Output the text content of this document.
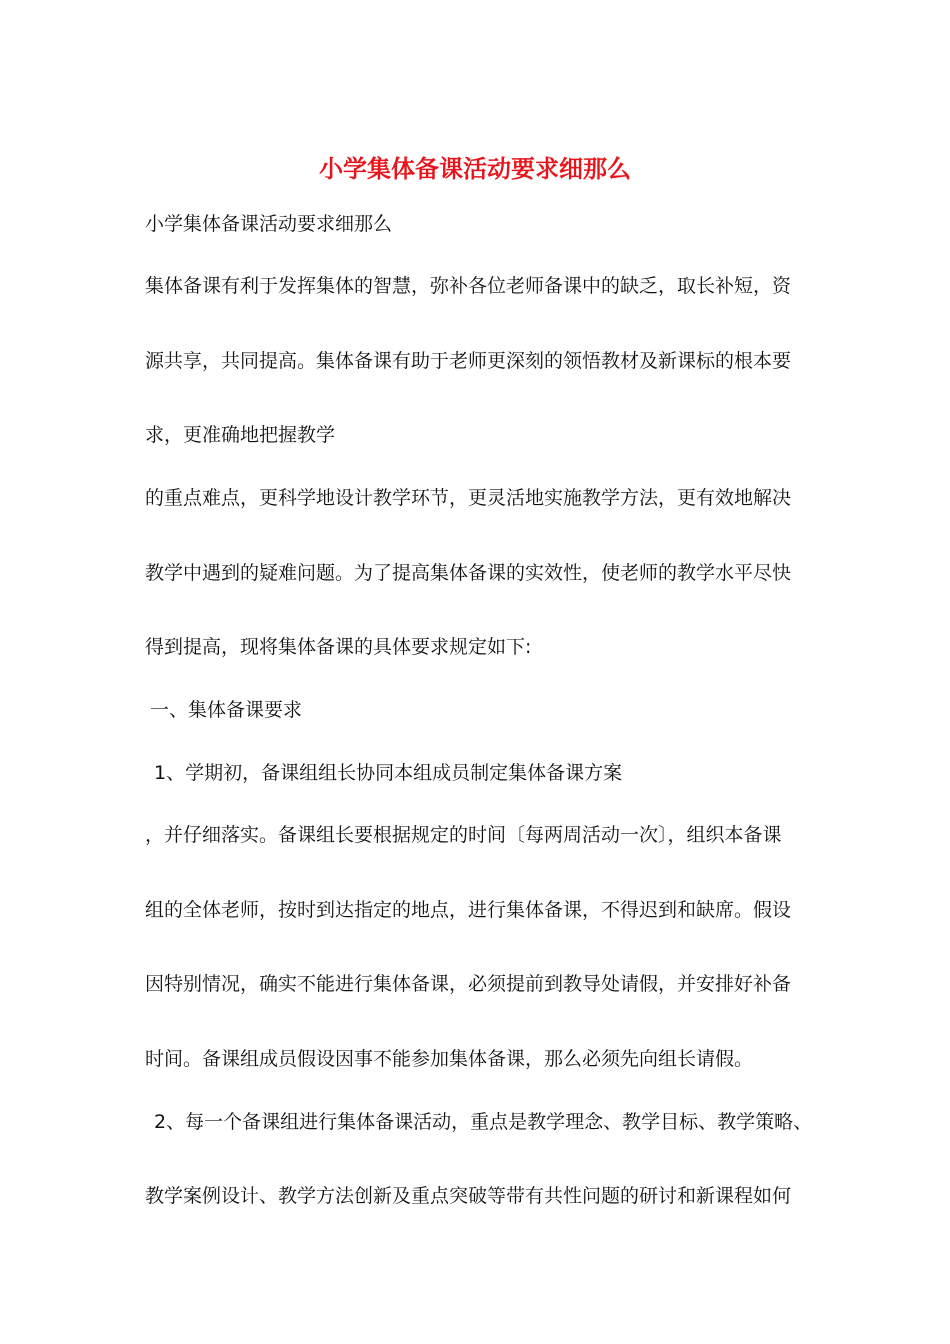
小学集体备课活动要求细那么
小学集体备课活动要求细那么
集体备课有利于发挥集体的智慧，弥补各位老师备课中的缺乏，取长补短，资
源共享，共同提高。集体备课有助于老师更深刻的领悟教材及新课标的根本要
求，更准确地把握教学
的重点难点，更科学地设计教学环节，更灵活地实施教学方法，更有效地解决
教学中遇到的疑难问题。为了提高集体备课的实效性，使老师的教学水平尽快
得到提高，现将集体备课的具体要求规定如下:
一、集体备课要求
1、学期初，备课组组长协同本组成员制定集体备课方案
，并仔细落实。备课组长要根据规定的时间〔每两周活动一次〕，组织本备课
组的全体老师，按时到达指定的地点，进行集体备课，不得迟到和缺席。假设
因特别情况，确实不能进行集体备课，必须提前到教导处请假，并安排好补备
时间。备课组成员假设因事不能参加集体备课，那么必须先向组长请假。
2、每一个备课组进行集体备课活动，重点是教学理念、教学目标、教学策略、
教学案例设计、教学方法创新及重点突破等带有共性问题的研讨和新课程如何
